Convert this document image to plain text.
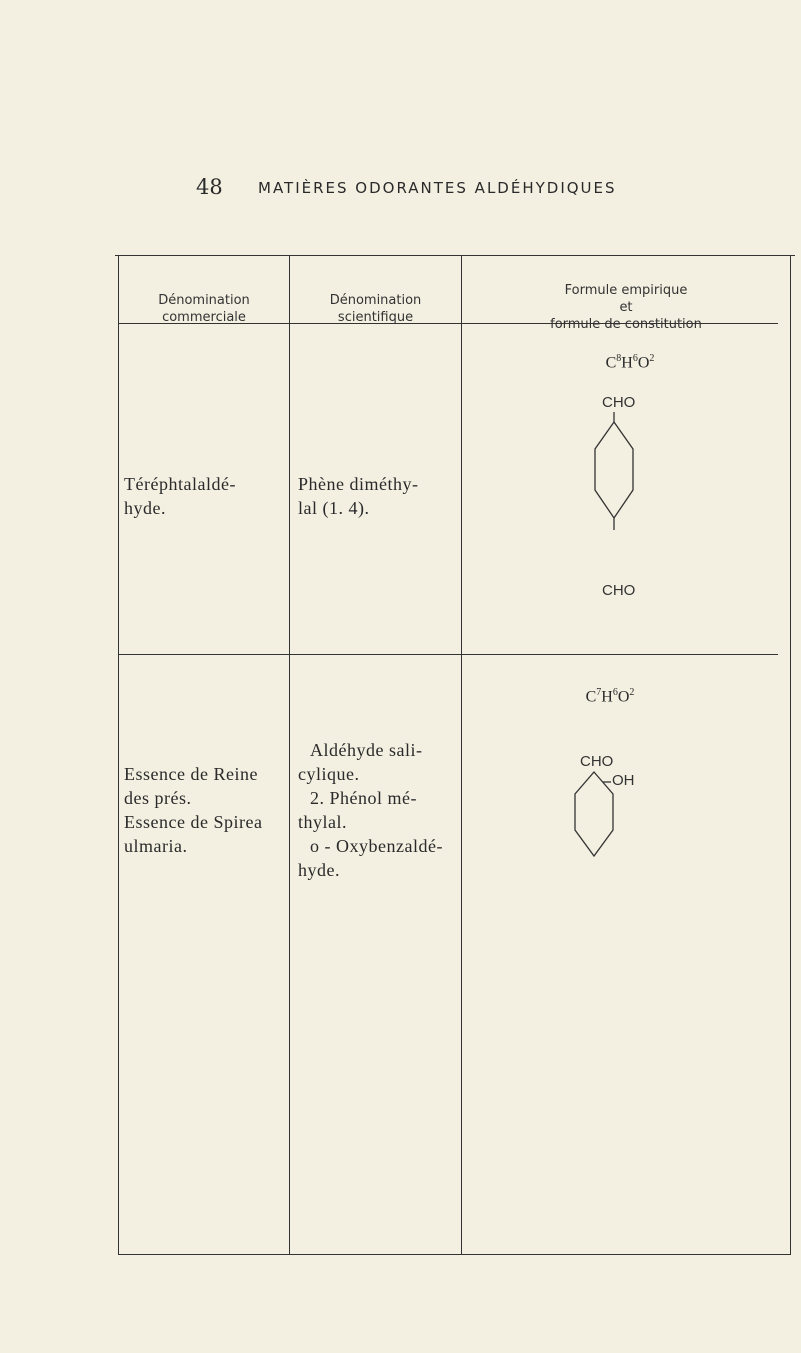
48 MATIÈRES ODORANTES ALDÉHYDIQUES
Dénomination
commerciale
Dénomination
scientifique
Formule empirique
et
formule de constitution
Téréphtalaldé-
hyde.
Phène diméthy-
lal (1. 4).
$C^8H^6O^2$
CHO
CHO
Essence de Reine
des prés.
Essence de Spirea
ulmaria.
Aldéhyde sali-
cylique.
2. Phénol mé-
thylal.
o - Oxybenzaldé-
hyde.
$C^7H^6O^2$
CHO
OH
